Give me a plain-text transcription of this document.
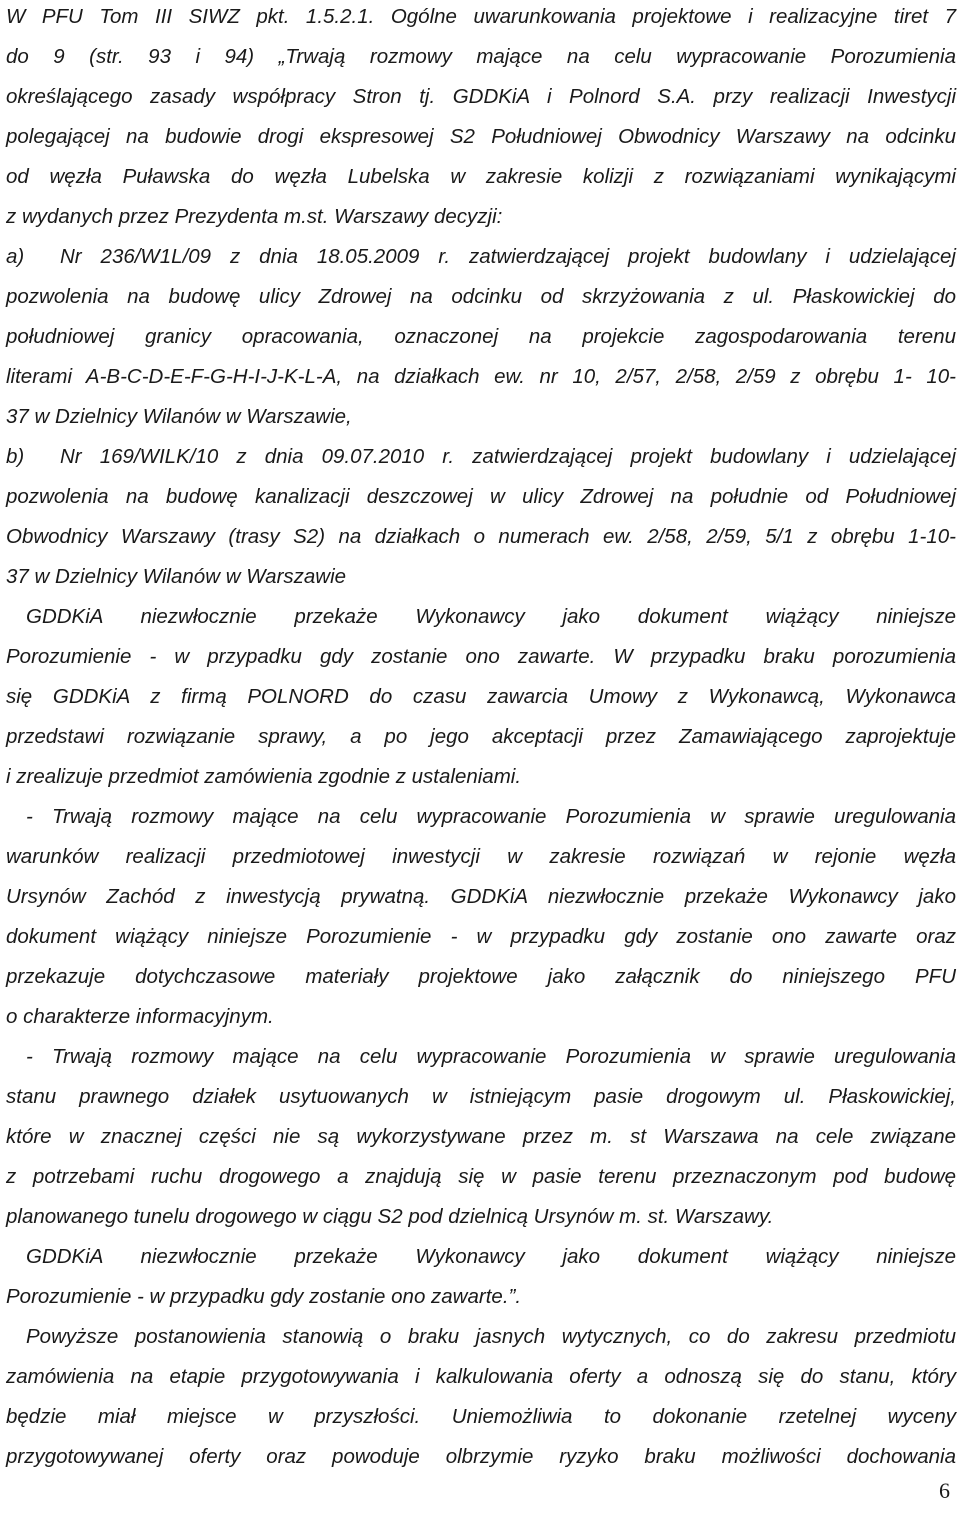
W PFU Tom III SIWZ pkt. 1.5.2.1. Ogólne uwarunkowania projektowe i realizacyjne tiret 7
do 9 (str. 93 i 94) „Trwają rozmowy mające na celu wypracowanie Porozumienia
określającego zasady współpracy Stron tj. GDDKiA i Polnord S.A. przy realizacji Inwestycji
polegającej na budowie drogi ekspresowej S2 Południowej Obwodnicy Warszawy na odcinku
od węzła Puławska do węzła Lubelska w zakresie kolizji z rozwiązaniami wynikającymi
z wydanych przez Prezydenta m.st. Warszawy decyzji:
a) Nr 236/W1L/09 z dnia 18.05.2009 r. zatwierdzającej projekt budowlany i udzielającej
pozwolenia na budowę ulicy Zdrowej na odcinku od skrzyżowania z ul. Płaskowickiej do
południowej granicy opracowania, oznaczonej na projekcie zagospodarowania terenu
literami A-B-C-D-E-F-G-H-I-J-K-L-A, na działkach ew. nr 10, 2/57, 2/58, 2/59 z obrębu 1- 10-
37 w Dzielnicy Wilanów w Warszawie,
b) Nr 169/WILK/10 z dnia 09.07.2010 r. zatwierdzającej projekt budowlany i udzielającej
pozwolenia na budowę kanalizacji deszczowej w ulicy Zdrowej na południe od Południowej
Obwodnicy Warszawy (trasy S2) na działkach o numerach ew. 2/58, 2/59, 5/1 z obrębu 1-10-
37 w Dzielnicy Wilanów w Warszawie
GDDKiA niezwłocznie przekaże Wykonawcy jako dokument wiążący niniejsze
Porozumienie - w przypadku gdy zostanie ono zawarte. W przypadku braku porozumienia
się GDDKiA z firmą POLNORD do czasu zawarcia Umowy z Wykonawcą, Wykonawca
przedstawi rozwiązanie sprawy, a po jego akceptacji przez Zamawiającego zaprojektuje
i zrealizuje przedmiot zamówienia zgodnie z ustaleniami.
- Trwają rozmowy mające na celu wypracowanie Porozumienia w sprawie uregulowania
warunków realizacji przedmiotowej inwestycji w zakresie rozwiązań w rejonie węzła
Ursynów Zachód z inwestycją prywatną. GDDKiA niezwłocznie przekaże Wykonawcy jako
dokument wiążący niniejsze Porozumienie - w przypadku gdy zostanie ono zawarte oraz
przekazuje dotychczasowe materiały projektowe jako załącznik do niniejszego PFU
o charakterze informacyjnym.
- Trwają rozmowy mające na celu wypracowanie Porozumienia w sprawie uregulowania
stanu prawnego działek usytuowanych w istniejącym pasie drogowym ul. Płaskowickiej,
które w znacznej części nie są wykorzystywane przez m. st Warszawa na cele związane
z potrzebami ruchu drogowego a znajdują się w pasie terenu przeznaczonym pod budowę
planowanego tunelu drogowego w ciągu S2 pod dzielnicą Ursynów m. st. Warszawy.
GDDKiA niezwłocznie przekaże Wykonawcy jako dokument wiążący niniejsze
Porozumienie - w przypadku gdy zostanie ono zawarte.”.
Powyższe postanowienia stanowią o braku jasnych wytycznych, co do zakresu przedmiotu
zamówienia na etapie przygotowywania i kalkulowania oferty a odnoszą się do stanu, który
będzie miał miejsce w przyszłości. Uniemożliwia to dokonanie rzetelnej wyceny
przygotowywanej oferty oraz powoduje olbrzymie ryzyko braku możliwości dochowania
6
